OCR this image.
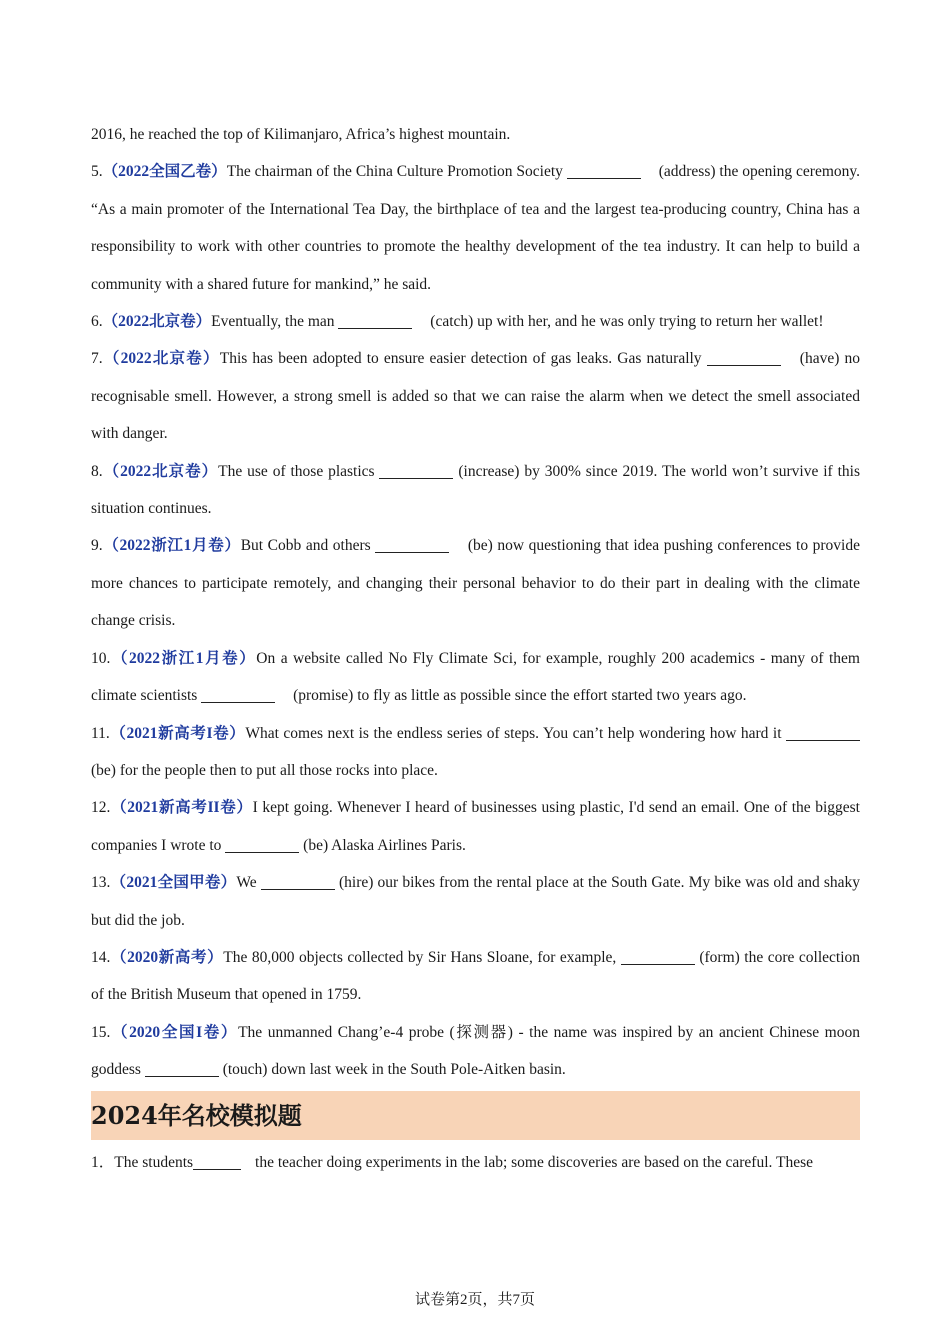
2016, he reached the top of Kilimanjaro, Africa’s highest mountain.

5.（2022全国乙卷）The chairman of the China Culture Promotion Society	(address) the opening ceremony. “As a main promoter of the International Tea Day, the birthplace of tea and the largest tea-producing country, China has a responsibility to work with other countries to promote the healthy development of the tea industry. It can help to build a community with a shared future for mankind,” he said.

6.（2022北京卷）Eventually, the man	(catch) up with her, and he was only trying to return her wallet!

7.（2022北京卷）This has been adopted to ensure easier detection of gas leaks. Gas naturally	(have) no recognisable smell. However, a strong smell is added so that we can raise the alarm when we detect the smell associated with danger.

8.（2022北京卷）The use of those plastics	(increase) by 300% since 2019. The world won’t survive if this situation continues.

9.（2022浙江1月卷）But Cobb and others	(be) now questioning that idea pushing conferences to provide more chances to participate remotely, and changing their personal behavior to do their part in dealing with the climate change crisis.

10.（2022浙江1月卷）On a website called No Fly Climate Sci, for example, roughly 200 academics - many of them climate scientists	(promise) to fly as little as possible since the effort started two years ago.

11.（2021新高考I卷）What comes next is the endless series of steps. You can’t help wondering how hard it  (be) for the people then to put all those rocks into place.

12.（2021新高考II卷）I kept going. Whenever I heard of businesses using plastic, I'd send an email. One of the biggest companies I wrote to	(be) Alaska Airlines Paris.

13.（2021全国甲卷）We	(hire) our bikes from the rental place at the South Gate. My bike was old and shaky but did the job.

14.（2020新高考）The 80,000 objects collected by Sir Hans Sloane, for example,	(form) the core collection of the British Museum that opened in 1759.

15.（2020全国I卷）The unmanned Chang’e-4 probe (探测器) - the name was inspired by an ancient Chinese moon goddess	(touch) down last week in the South Pole-Aitken basin.

2024年名校模拟题

1．The students	the teacher doing experiments in the lab; some discoveries are based on the careful. These

试卷第2页，共7页
